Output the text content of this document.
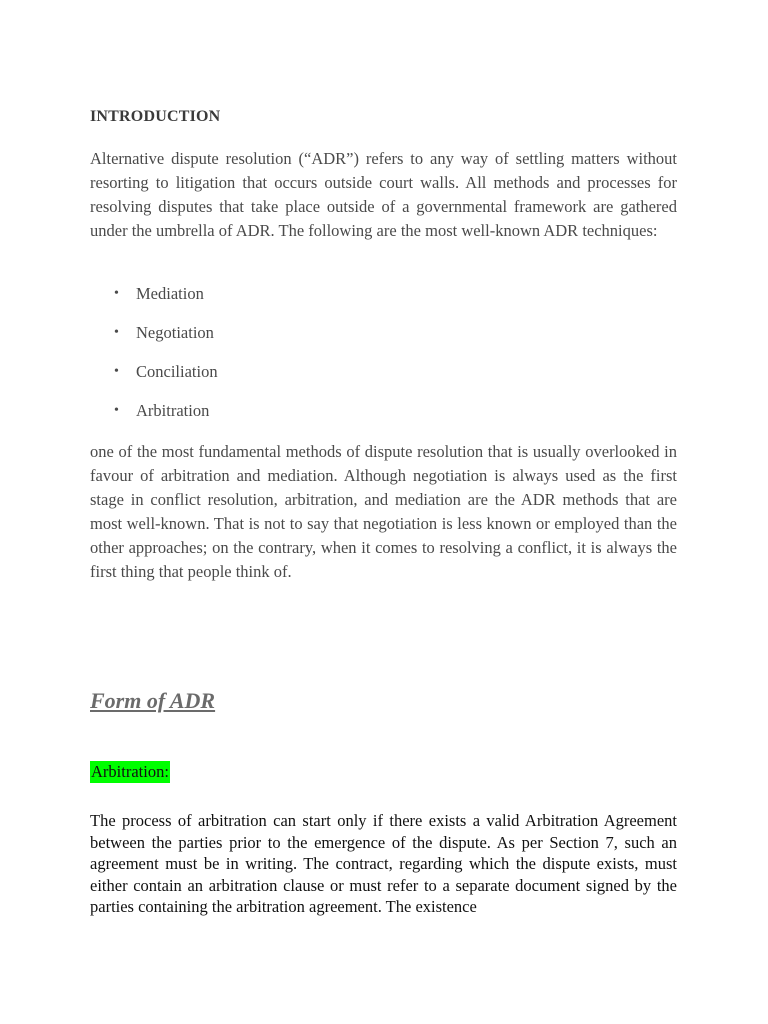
INTRODUCTION
Alternative dispute resolution (“ADR”) refers to any way of settling matters without resorting to litigation that occurs outside court walls. All methods and processes for resolving disputes that take place outside of a governmental framework are gathered under the umbrella of ADR. The following are the most well-known ADR techniques:
• Mediation
• Negotiation
• Conciliation
• Arbitration
one of the most fundamental methods of dispute resolution that is usually overlooked in favour of arbitration and mediation. Although negotiation is always used as the first stage in conflict resolution, arbitration, and mediation are the ADR methods that are most well-known. That is not to say that negotiation is less known or employed than the other approaches; on the contrary, when it comes to resolving a conflict, it is always the first thing that people think of.
Form of ADR
Arbitration:
The process of arbitration can start only if there exists a valid Arbitration Agreement between the parties prior to the emergence of the dispute. As per Section 7, such an agreement must be in writing. The contract, regarding which the dispute exists, must either contain an arbitration clause or must refer to a separate document signed by the parties containing the arbitration agreement. The existence
